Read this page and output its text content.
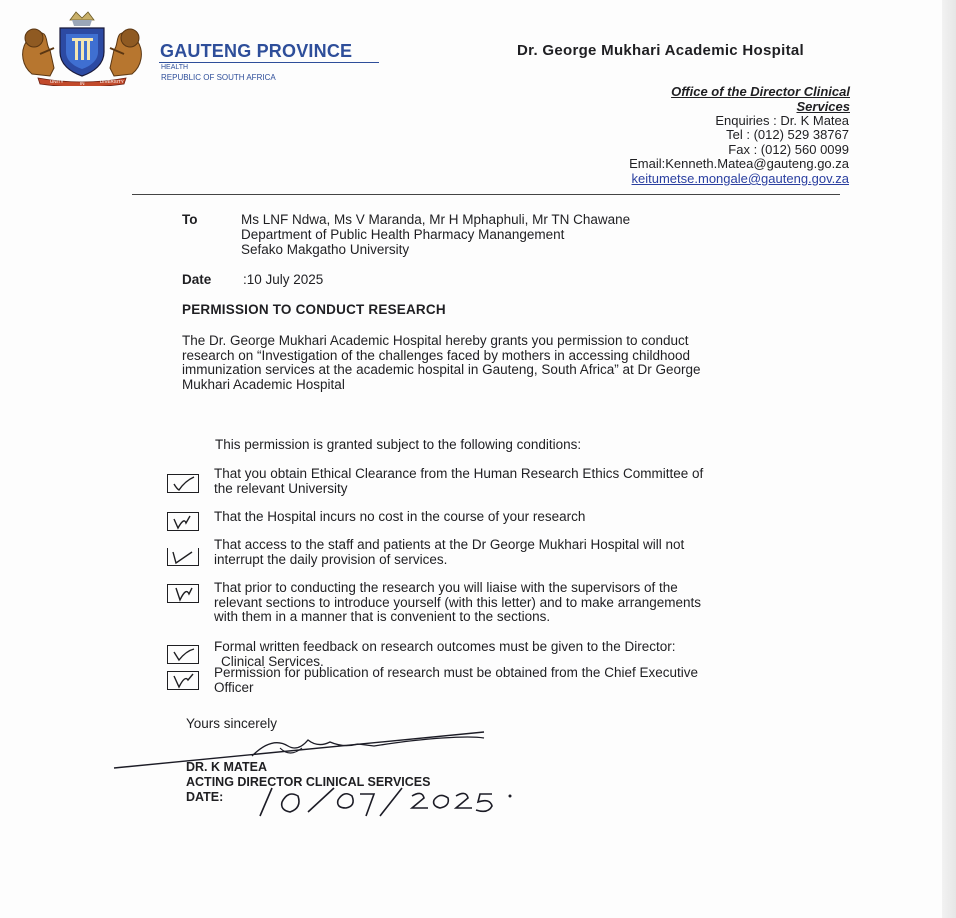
UNITY	IN	DIVERSITY
GAUTENG PROVINCE
HEALTH
REPUBLIC OF SOUTH AFRICA
Dr. George Mukhari Academic Hospital
Office of the Director Clinical
Services
Enquiries : Dr. K Matea
Tel : (012) 529 38767
Fax : (012) 560 0099
Email:Kenneth.Matea@gauteng.go.za
keitumetse.mongale@gauteng.gov.za
To	Ms LNF Ndwa, Ms V Maranda, Mr H Mphaphuli, Mr TN Chawane
Department of Public Health Pharmacy Manangement
Sefako Makgatho University
Date :10 July 2025
PERMISSION TO CONDUCT RESEARCH
The Dr. George Mukhari Academic Hospital hereby grants you permission to conduct
research on “Investigation of the challenges faced by mothers in accessing childhood
immunization services at the academic hospital in Gauteng, South Africa” at Dr George
Mukhari Academic Hospital
This permission is granted subject to the following conditions:
That you obtain Ethical Clearance from the Human Research Ethics Committee of
the relevant University
That the Hospital incurs no cost in the course of your research
That access to the staff and patients at the Dr George Mukhari Hospital will not
interrupt the daily provision of services.
That prior to conducting the research you will liaise with the supervisors of the
relevant sections to introduce yourself (with this letter) and to make arrangements
with them in a manner that is convenient to the sections.
Formal written feedback on research outcomes must be given to the Director:
Clinical Services.
Permission for publication of research must be obtained from the Chief Executive
Officer
Yours sincerely
DR. K MATEA
ACTING DIRECTOR CLINICAL SERVICES
DATE:
